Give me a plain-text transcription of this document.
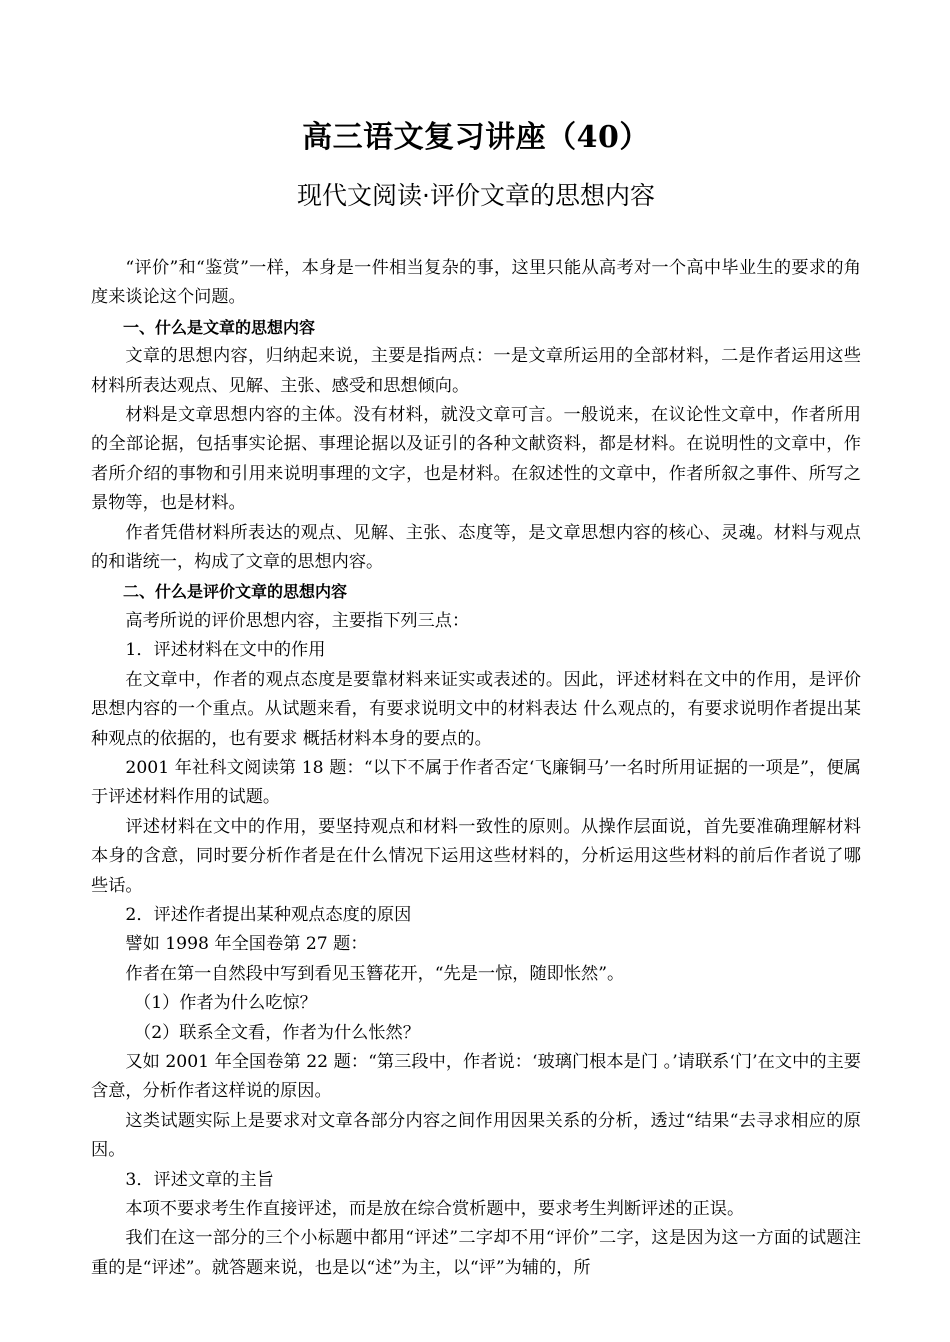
高三语文复习讲座（40）
现代文阅读·评价文章的思想内容

“评价”和“鉴赏”一样，本身是一件相当复杂的事，这里只能从高考对一个高中毕业生的要求的角度来谈论这个问题。

一、什么是文章的思想内容

文章的思想内容，归纳起来说，主要是指两点：一是文章所运用的全部材料，二是作者运用这些材料所表达观点、见解、主张、感受和思想倾向。

材料是文章思想内容的主体。没有材料，就没文章可言。一般说来，在议论性文章中，作者所用的全部论据，包括事实论据、事理论据以及证引的各种文献资料，都是材料。在说明性的文章中，作者所介绍的事物和引用来说明事理的文字，也是材料。在叙述性的文章中，作者所叙之事件、所写之景物等，也是材料。

作者凭借材料所表达的观点、见解、主张、态度等，是文章思想内容的核心、灵魂。材料与观点的和谐统一，构成了文章的思想内容。

二、什么是评价文章的思想内容

高考所说的评价思想内容，主要指下列三点：

1．评述材料在文中的作用

在文章中，作者的观点态度是要靠材料来证实或表述的。因此，评述材料在文中的作用，是评价思想内容的一个重点。从试题来看，有要求说明文中的材料表达 什么观点的，有要求说明作者提出某种观点的依据的，也有要求 概括材料本身的要点的。

2001 年社科文阅读第 18 题：“以下不属于作者否定‘飞廉铜马’一名时所用证据的一项是”，便属于评述材料作用的试题。

评述材料在文中的作用，要坚持观点和材料一致性的原则。从操作层面说，首先要准确理解材料本身的含意，同时要分析作者是在什么情况下运用这些材料的，分析运用这些材料的前后作者说了哪些话。

2．评述作者提出某种观点态度的原因

譬如 1998 年全国卷第 27 题：

作者在第一自然段中写到看见玉簪花开，“先是一惊，随即怅然”。

（1）作者为什么吃惊？

（2）联系全文看，作者为什么怅然？

又如 2001 年全国卷第 22 题：“第三段中，作者说：‘玻璃门根本是门 。’请联系‘门’在文中的主要含意，分析作者这样说的原因。

这类试题实际上是要求对文章各部分内容之间作用因果关系的分析，透过“结果“去寻求相应的原因。

3．评述文章的主旨

本项不要求考生作直接评述，而是放在综合赏析题中，要求考生判断评述的正误。

我们在这一部分的三个小标题中都用“评述”二字却不用“评价”二字，这是因为这一方面的试题注重的是“评述”。就答题来说，也是以“述”为主，以“评”为辅的，所
